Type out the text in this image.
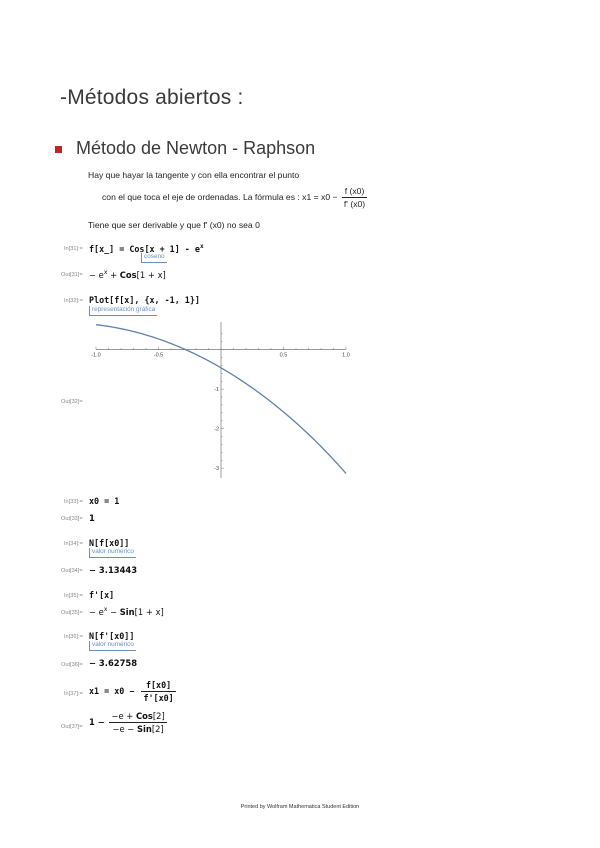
-Métodos abiertos :
Método de Newton - Raphson
Hay que hayar la tangente y con ella encontrar el punto
con el que toca el eje de ordenadas. La fórmula es : $x1 = x0 - \frac{f (x0)}{f' (x0)}$
Tiene que ser derivable y que f' (x0) no sea 0
In[31]:= f[x_] = $Cos[x + 1] - e^x$
coseno
$Out[31]= - e^x + Cos[1 + x]$
In[32]:= Plot[f[x], {x, -1, 1}]
representación gráfica
-1.0	-0.5	0.5	1.0
-1
-2
-3
Out[32]=
In[33]:= x0 = 1
Out[33]= 1
In[34]:= N[f[x0]]
valor numérico
Out[34]= − 3.13443
In[35]:= f'[x]
$Out[35]= - e^x - Sin[1 + x]$
In[36]:= N[f'[x0]]
valor numérico
Out[36]= − 3.62758
In[37]:= $x1 = x0 - \frac{f[x0]}{f'[x0]}$
$Out[37]= 1 - \frac{\text{−e + Cos[2]}}{\text{−e − Sin[2]}}$
Printed by Wolfram Mathematica Student Edition
